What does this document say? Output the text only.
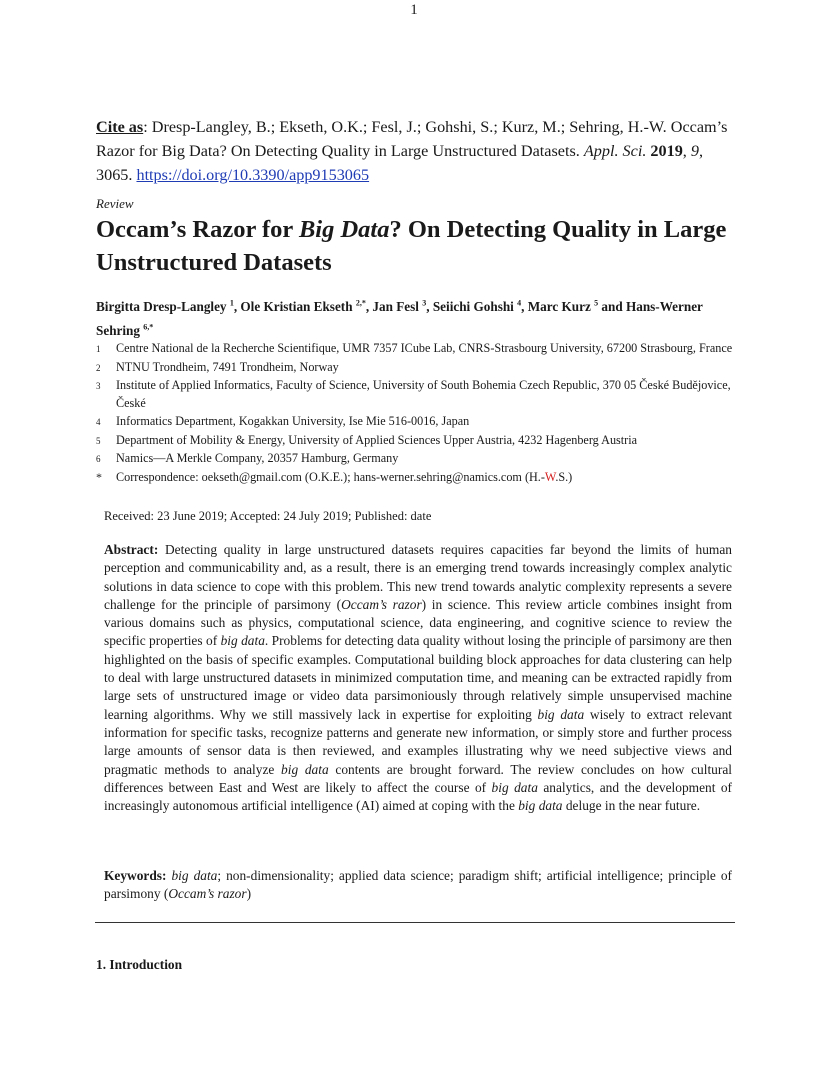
1
Cite as: Dresp-Langley, B.; Ekseth, O.K.; Fesl, J.; Gohshi, S.; Kurz, M.; Sehring, H.-W. Occam’s Razor for Big Data? On Detecting Quality in Large Unstructured Datasets. Appl. Sci. 2019, 9, 3065. https://doi.org/10.3390/app9153065
Review
Occam’s Razor for Big Data? On Detecting Quality in Large Unstructured Datasets
Birgitta Dresp-Langley $^1$, Ole Kristian Ekseth $^{2,*}$, Jan Fesl $^3$, Seiichi Gohshi $^4$, Marc Kurz $^5$ and Hans-Werner Sehring $^{6,*}$
1	Centre National de la Recherche Scientifique, UMR 7357 ICube Lab, CNRS-Strasbourg University, 67200 Strasbourg, France
2	NTNU Trondheim, 7491 Trondheim, Norway
3	Institute of Applied Informatics, Faculty of Science, University of South Bohemia Czech Republic, 370 05 České Budějovice, České
4	Informatics Department, Kogakkan University, Ise Mie 516-0016, Japan
5	Department of Mobility & Energy, University of Applied Sciences Upper Austria, 4232 Hagenberg Austria
6	Namics—A Merkle Company, 20357 Hamburg, Germany
*	Correspondence: oekseth@gmail.com (O.K.E.); hans-werner.sehring@namics.com (H.-W.S.)
Received: 23 June 2019; Accepted: 24 July 2019; Published: date

Abstract: Detecting quality in large unstructured datasets requires capacities far beyond the limits of human perception and communicability and, as a result, there is an emerging trend towards increasingly complex analytic solutions in data science to cope with this problem. This new trend towards analytic complexity represents a severe challenge for the principle of parsimony (Occam’s razor) in science. This review article combines insight from various domains such as physics, computational science, data engineering, and cognitive science to review the specific properties of big data. Problems for detecting data quality without losing the principle of parsimony are then highlighted on the basis of specific examples. Computational building block approaches for data clustering can help to deal with large unstructured datasets in minimized computation time, and meaning can be extracted rapidly from large sets of unstructured image or video data parsimoniously through relatively simple unsupervised machine learning algorithms. Why we still massively lack in expertise for exploiting big data wisely to extract relevant information for specific tasks, recognize patterns and generate new information, or simply store and further process large amounts of sensor data is then reviewed, and examples illustrating why we need subjective views and pragmatic methods to analyze big data contents are brought forward. The review concludes on how cultural differences between East and West are likely to affect the course of big data analytics, and the development of increasingly autonomous artificial intelligence (AI) aimed at coping with the big data deluge in the near future.

Keywords: big data; non-dimensionality; applied data science; paradigm shift; artificial intelligence; principle of parsimony (Occam’s razor)

1. Introduction
